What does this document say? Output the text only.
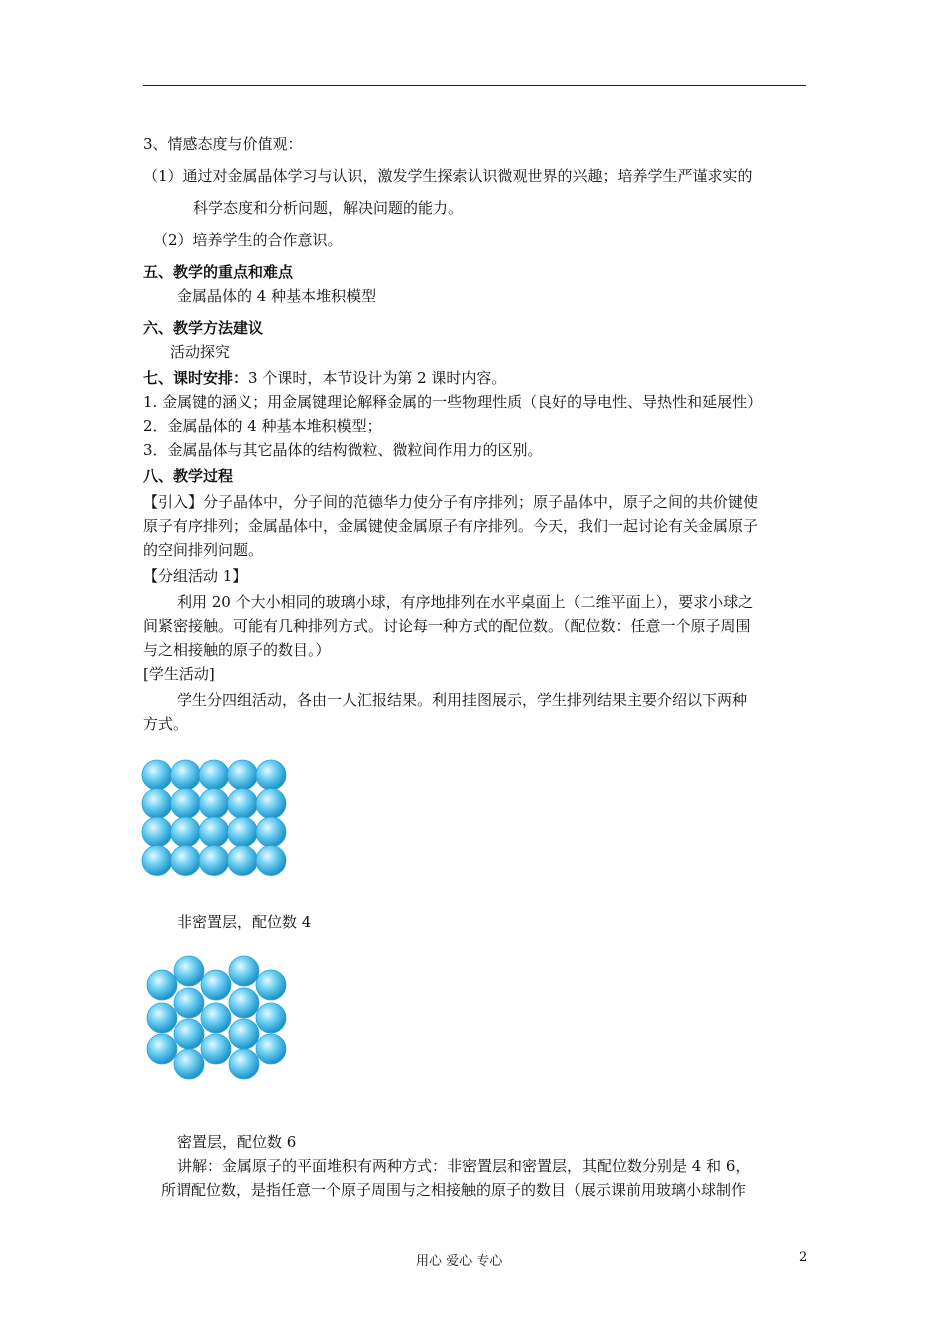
3、情感态度与价值观：
（1）通过对金属晶体学习与认识，激发学生探索认识微观世界的兴趣；培养学生严谨求实的
科学态度和分析问题，解决问题的能力。
（2）培养学生的合作意识。
五、教学的重点和难点
金属晶体的 4 种基本堆积模型
六、教学方法建议
活动探究
七、课时安排：3 个课时，本节设计为第 2 课时内容。
1. 金属键的涵义；用金属键理论解释金属的一些物理性质（良好的导电性、导热性和延展性）
2．金属晶体的 4 种基本堆积模型；
3．金属晶体与其它晶体的结构微粒、微粒间作用力的区别。
八、教学过程
【引入】分子晶体中，分子间的范德华力使分子有序排列；原子晶体中，原子之间的共价键使
原子有序排列；金属晶体中，金属键使金属原子有序排列。今天，我们一起讨论有关金属原子
的空间排列问题。
【分组活动 1】
利用 20 个大小相同的玻璃小球，有序地排列在水平桌面上（二维平面上），要求小球之
间紧密接触。可能有几种排列方式。讨论每一种方式的配位数。（配位数：任意一个原子周围
与之相接触的原子的数目。）
[学生活动]
学生分四组活动，各由一人汇报结果。利用挂图展示，学生排列结果主要介绍以下两种
方式。
非密置层，配位数 4
密置层，配位数 6
讲解：金属原子的平面堆积有两种方式：非密置层和密置层，其配位数分别是 4 和 6，
所谓配位数，是指任意一个原子周围与之相接触的原子的数目（展示课前用玻璃小球制作
用心 爱心 专心	2
